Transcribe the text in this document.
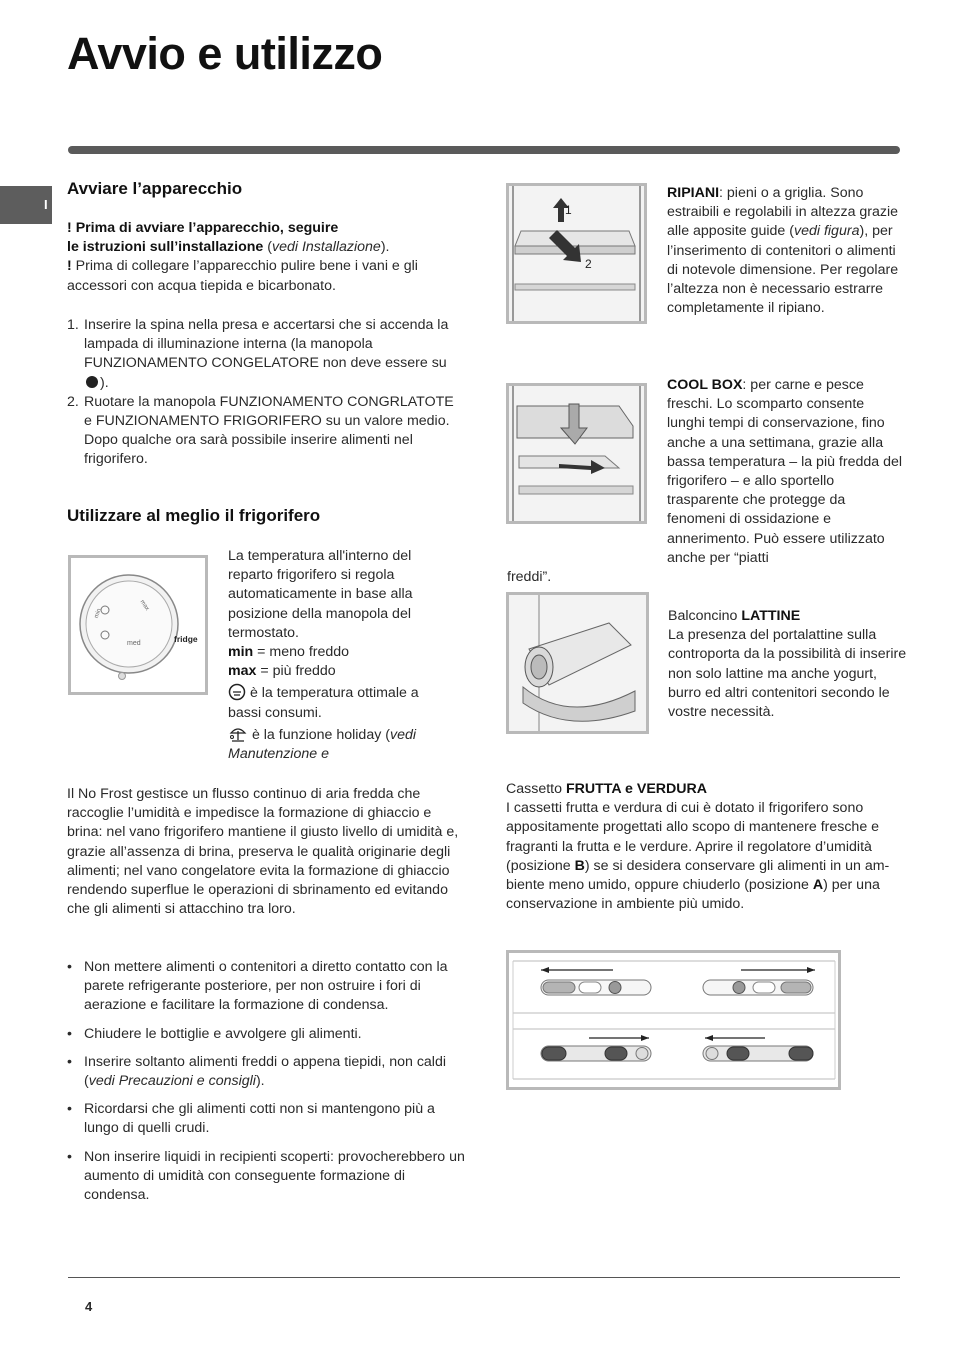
Avvio e utilizzo
I
Avviare l’apparecchio

! Prima di avviare l’apparecchio, seguire
le istruzioni sull’installazione (vedi Installazione).

! Prima di collegare l’apparecchio pulire bene i vani e gli accessori con acqua tiepida e bicarbonato.

1. Inserire la spina nella presa e accertarsi che si accenda la lampada di illuminazione interna (la manopola FUNZIONAMENTO CONGELATORE non deve essere su ).
2. Ruotare la manopola FUNZIONAMENTO CONGRLATOTE e FUNZIONAMENTO FRIGORIFERO su un valore medio. Dopo qualche ora sarà possibile inserire alimenti nel frigorifero.
Utilizzare al meglio il frigorifero
med
min
max
fridge

La temperatura all'interno del reparto frigorifero si regola automaticamente in base alla posizione della manopola del termostato.

min = meno freddo

max = più freddo

è la temperatura ottimale a bassi consumi.

è la funzione holiday (vedi Manutenzione e

Il No Frost gestisce un flusso continuo di aria fredda che raccoglie l’umidità e impedisce la formazione di ghiaccio e brina: nel vano frigorifero mantiene il giusto livello di umidità e, grazie all’assenza di brina, preserva le qualità originarie degli alimenti; nel vano congelatore evita la formazione di ghiaccio rendendo superflue le operazioni di sbrinamento ed evitando che gli alimenti si attacchino tra loro.

• Non mettere alimenti o contenitori a diretto contatto con la parete refrigerante posteriore, per non ostruire i fori di aerazione e facilitare la formazione di condensa.
• Chiudere le bottiglie e avvolgere gli alimenti.
• Inserire soltanto alimenti freddi o appena tiepidi, non caldi (vedi Precauzioni e consigli).
• Ricordarsi che gli alimenti cotti non si mantengono più a lungo di quelli crudi.
• Non inserire liquidi in recipienti scoperti: provocherebbero un aumento di umidità con conseguente formazione di condensa.
1
2

RIPIANI: pieni o a griglia. Sono estraibili e regolabili in altezza grazie alle apposite guide (vedi figura), per l’inserimento di contenitori o alimenti di notevole dimensione. Per regolare l’altezza non è necessario estrarre completamente il ripiano.

COOL BOX: per carne e pesce freschi. Lo scomparto consente lunghi tempi di conservazione, fino anche a una settimana, grazie alla bassa temperatura – la più fredda del frigorifero – e allo sportello trasparente che protegge da fenomeni di ossidazione e annerimento. Può essere utilizzato anche per “piatti

freddi”.

Balconcino LATTINE

La presenza del portalattine sulla controporta da la possibilità di inserire non solo lattine ma anche yogurt, burro ed altri contenitori secondo le vostre necessità.

Cassetto FRUTTA e VERDURA

I cassetti frutta e verdura di cui è dotato il frigorifero sono appositamente progettati allo scopo di mantenere fresche e fragranti la frutta e le verdure. Aprire il regolatore d’umidità (posizione B) se si desidera conservare gli alimenti in un am-biente meno umido, oppure chiuderlo (posizione A) per una conservazione in ambiente più umido.

4
